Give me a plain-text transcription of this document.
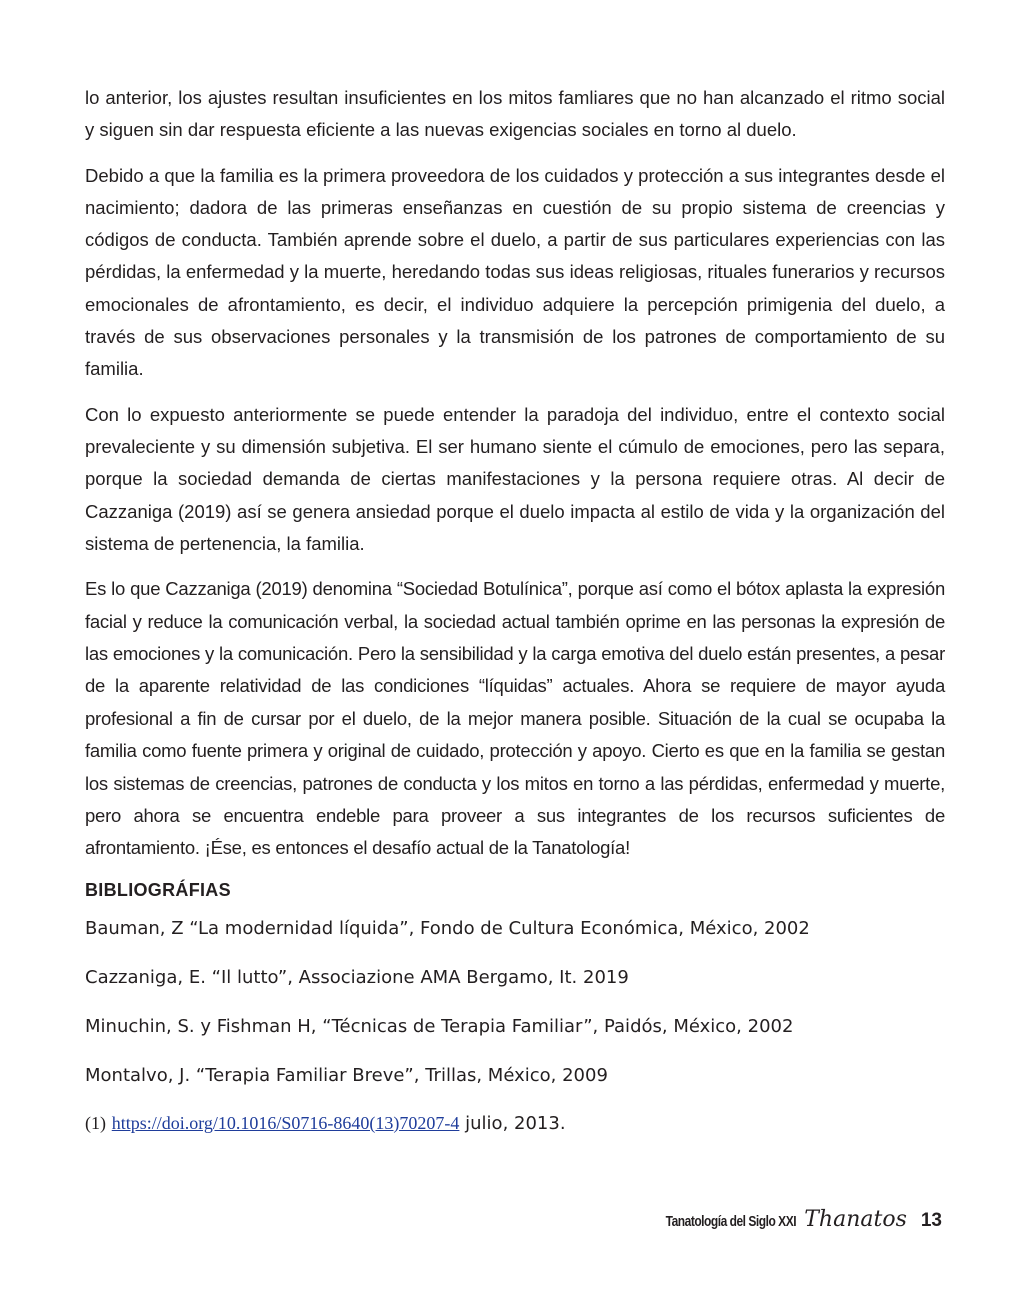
lo anterior, los ajustes resultan insuficientes en los mitos famliares que no han alcanzado el ritmo social y siguen sin dar respuesta eficiente a las nuevas exigencias sociales en torno al duelo.

Debido a que la familia es la primera proveedora de los cuidados y protección a sus integrantes desde el nacimiento; dadora de las primeras enseñanzas en cuestión de su propio sistema de creencias y códigos de conducta. También aprende sobre el duelo, a partir de sus particulares experiencias con las pérdidas, la enfermedad y la muerte, heredando todas sus ideas religiosas, rituales funerarios y recursos emocionales de afrontamiento, es decir, el individuo adquiere la percepción primigenia del duelo, a través de sus observaciones personales y la transmisión de los patrones de comportamiento de su familia.

Con lo expuesto anteriormente se puede entender la paradoja del individuo, entre el contexto social prevaleciente y su dimensión subjetiva. El ser humano siente el cúmulo de emociones, pero las separa, porque la sociedad demanda de ciertas manifestaciones y la persona requiere otras. Al decir de Cazzaniga (2019) así se genera ansiedad porque el duelo impacta al estilo de vida y la organización del sistema de pertenencia, la familia.

Es lo que Cazzaniga (2019) denomina “Sociedad Botulínica”, porque así como el bótox aplasta la expresión facial y reduce la comunicación verbal, la sociedad actual también oprime en las personas la expresión de las emociones y la comunicación. Pero la sensibilidad y la carga emotiva del duelo están presentes, a pesar de la aparente relatividad de las condiciones “líquidas” actuales. Ahora se requiere de mayor ayuda profesional a fin de cursar por el duelo, de la mejor manera posible. Situación de la cual se ocupaba la familia como fuente primera y original de cuidado, protección y apoyo. Cierto es que en la familia se gestan los sistemas de creencias, patrones de conducta y los mitos en torno a las pérdidas, enfermedad y muerte, pero ahora se encuentra endeble para proveer a sus integrantes de los recursos suficientes de afrontamiento. ¡Ése, es entonces el desafío actual de la Tanatología!

BIBLIOGRÁFIAS
Bauman, Z “La modernidad líquida”, Fondo de Cultura Económica, México, 2002
Cazzaniga, E. “Il lutto”, Associazione AMA Bergamo, It. 2019
Minuchin, S. y Fishman H, “Técnicas de Terapia Familiar”, Paidós, México, 2002
Montalvo, J. “Terapia Familiar Breve”, Trillas, México, 2009
(1) https://doi.org/10.1016/S0716-8640(13)70207-4 julio, 2013.
Tanatología del Siglo XXI Thanatos 13
